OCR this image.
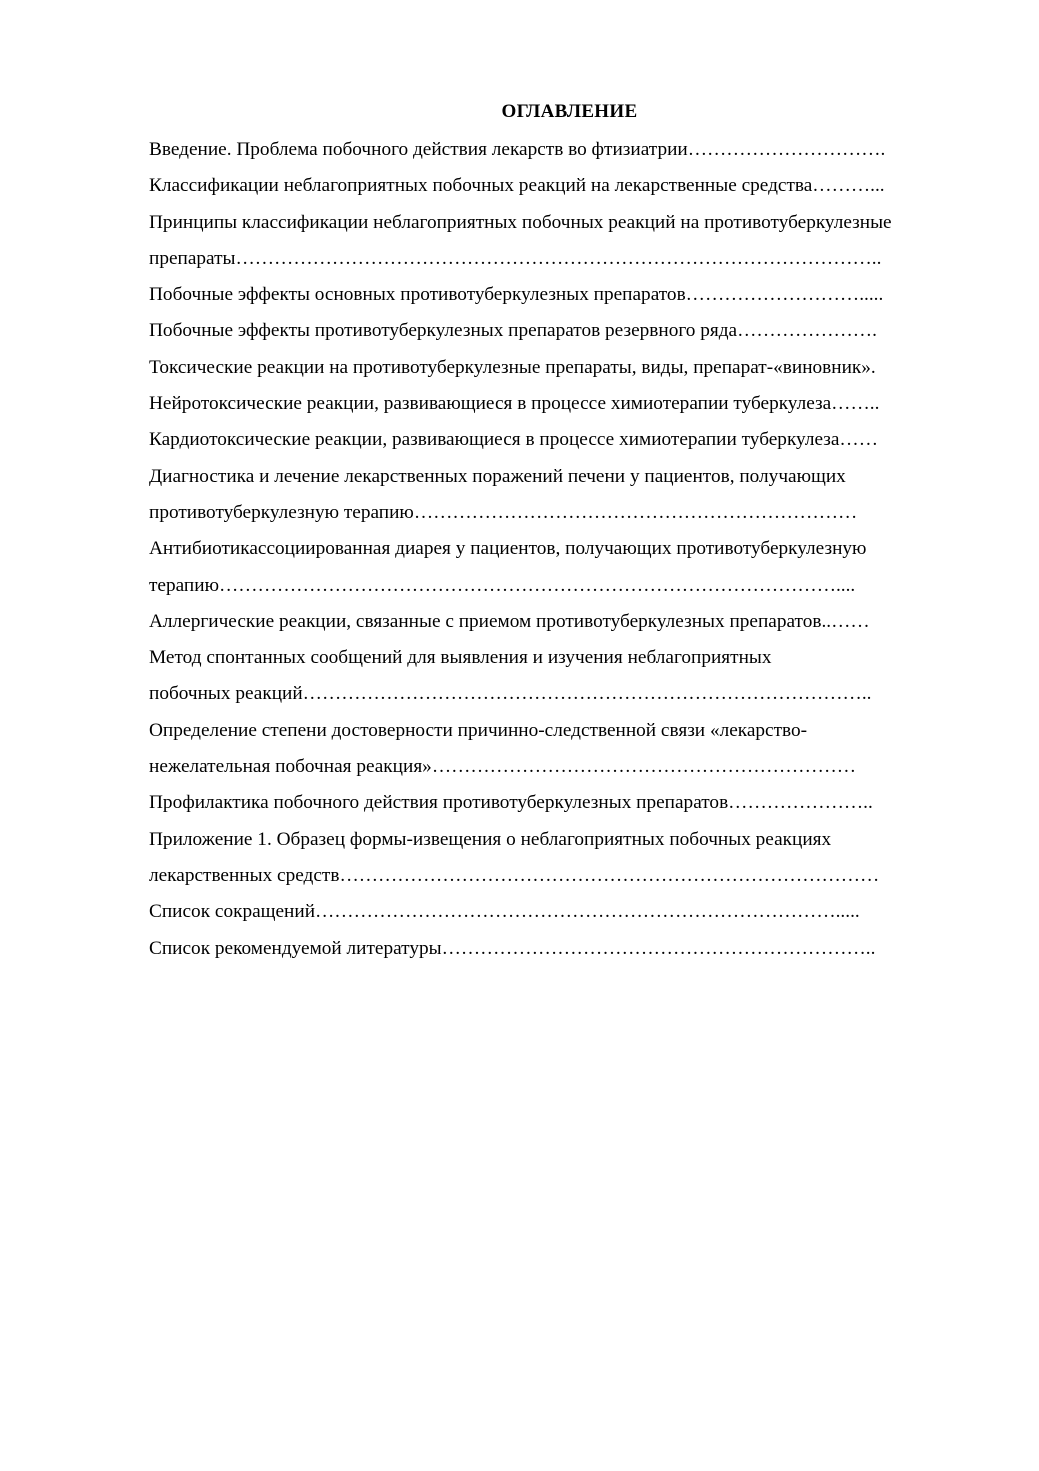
ОГЛАВЛЕНИЕ
Введение. Проблема побочного действия лекарств во фтизиатрии………………………….
Классификации неблагоприятных побочных реакций на лекарственные средства………...
Принципы классификации неблагоприятных побочных реакций на противотуберкулезные
препараты………………………………………………………………………………………..
Побочные эффекты основных противотуберкулезных препаратов……………………….....
Побочные эффекты противотуберкулезных препаратов резервного ряда………………….
Токсические реакции на противотуберкулезные препараты, виды, препарат-«виновник».
Нейротоксические реакции, развивающиеся в процессе химиотерапии туберкулеза……..
Кардиотоксические реакции, развивающиеся в процессе химиотерапии туберкулеза……
Диагностика и лечение лекарственных поражений печени у пациентов, получающих
противотуберкулезную терапию……………………………………………………………
Антибиотикассоциированная диарея у пациентов, получающих противотуберкулезную
терапию……………………………………………………………………………………....
Аллергические реакции, связанные с приемом противотуберкулезных препаратов..……
Метод спонтанных сообщений для выявления и изучения неблагоприятных
побочных реакций……………………………………………………………………………..
Определение степени достоверности причинно-следственной связи «лекарство-
нежелательная побочная реакция»…………………………………………………………
Профилактика побочного действия противотуберкулезных препаратов…………………..
Приложение 1. Образец формы-извещения о неблагоприятных побочных реакциях
лекарственных средств…………………………………………………………………………
Список сокращений……………………………………………………………………….....
Список рекомендуемой литературы…………………………………………………………..
